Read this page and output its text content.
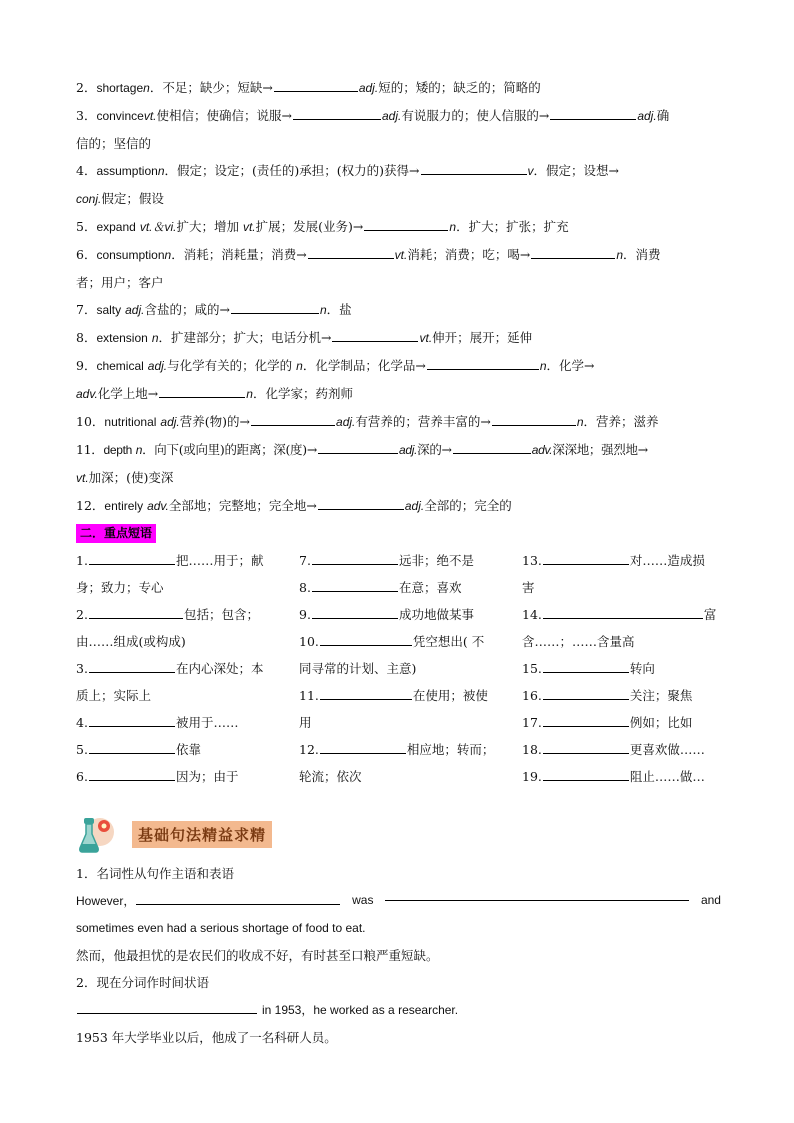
2．shortagen．不足；缺少；短缺→	adj.短的；矮的；缺乏的；简略的
3．convincevt.使相信；使确信；说服→	adj.有说服力的；使人信服的→	adj.确
信的；坚信的
4．assumptionn．假定；设定；(责任的)承担；(权力的)获得→	v．假定；设想→
conj.假定；假设
5．expand vt.＆vi.扩大；增加 vt.扩展；发展(业务)→	n．扩大；扩张；扩充
6．consumptionn．消耗；消耗量；消费→	vt.消耗；消费；吃；喝→	n．消费
者；用户；客户
7．salty adj.含盐的；咸的→	n．盐
8．extension n．扩建部分；扩大；电话分机→	vt.伸开；展开；延伸
9．chemical adj.与化学有关的；化学的 n．化学制品；化学品→	n．化学→
adv.化学上地→	n．化学家；药剂师
10．nutritional adj.营养(物)的→	adj.有营养的；营养丰富的→	n．营养；滋养
11．depth n．向下(或向里)的距离；深(度)→	adj.深的→	adv.深深地；强烈地→
vt.加深；(使)变深
12．entirely adv.全部地；完整地；完全地→	adj.全部的；完全的
二．重点短语
1.	把……用于；献
身；致力；专心
2.	包括；包含；
由……组成(或构成)
3.	在内心深处；本
质上；实际上
4.	被用于……
5.	依靠
6.	因为；由于
7.	远非；绝不是
8.	在意；喜欢
9.	成功地做某事
10.	凭空想出( 不
同寻常的计划、主意)
11.	在使用；被使
用
12.	相应地；转而；
轮流；依次
13.	对……造成损
害
14.	富
含……；……含量高
15.	转向
16.	关注；聚焦
17.	例如；比如
18.	更喜欢做……
19.	阻止……做…
基础句法精益求精
1．名词性从句作主语和表语
However，	was	and
sometimes even had a serious shortage of food to eat.
然而，他最担忧的是农民们的收成不好，有时甚至口粮严重短缺。
2．现在分词作时间状语
in 1953，he worked as a researcher.
1953 年大学毕业以后，他成了一名科研人员。
